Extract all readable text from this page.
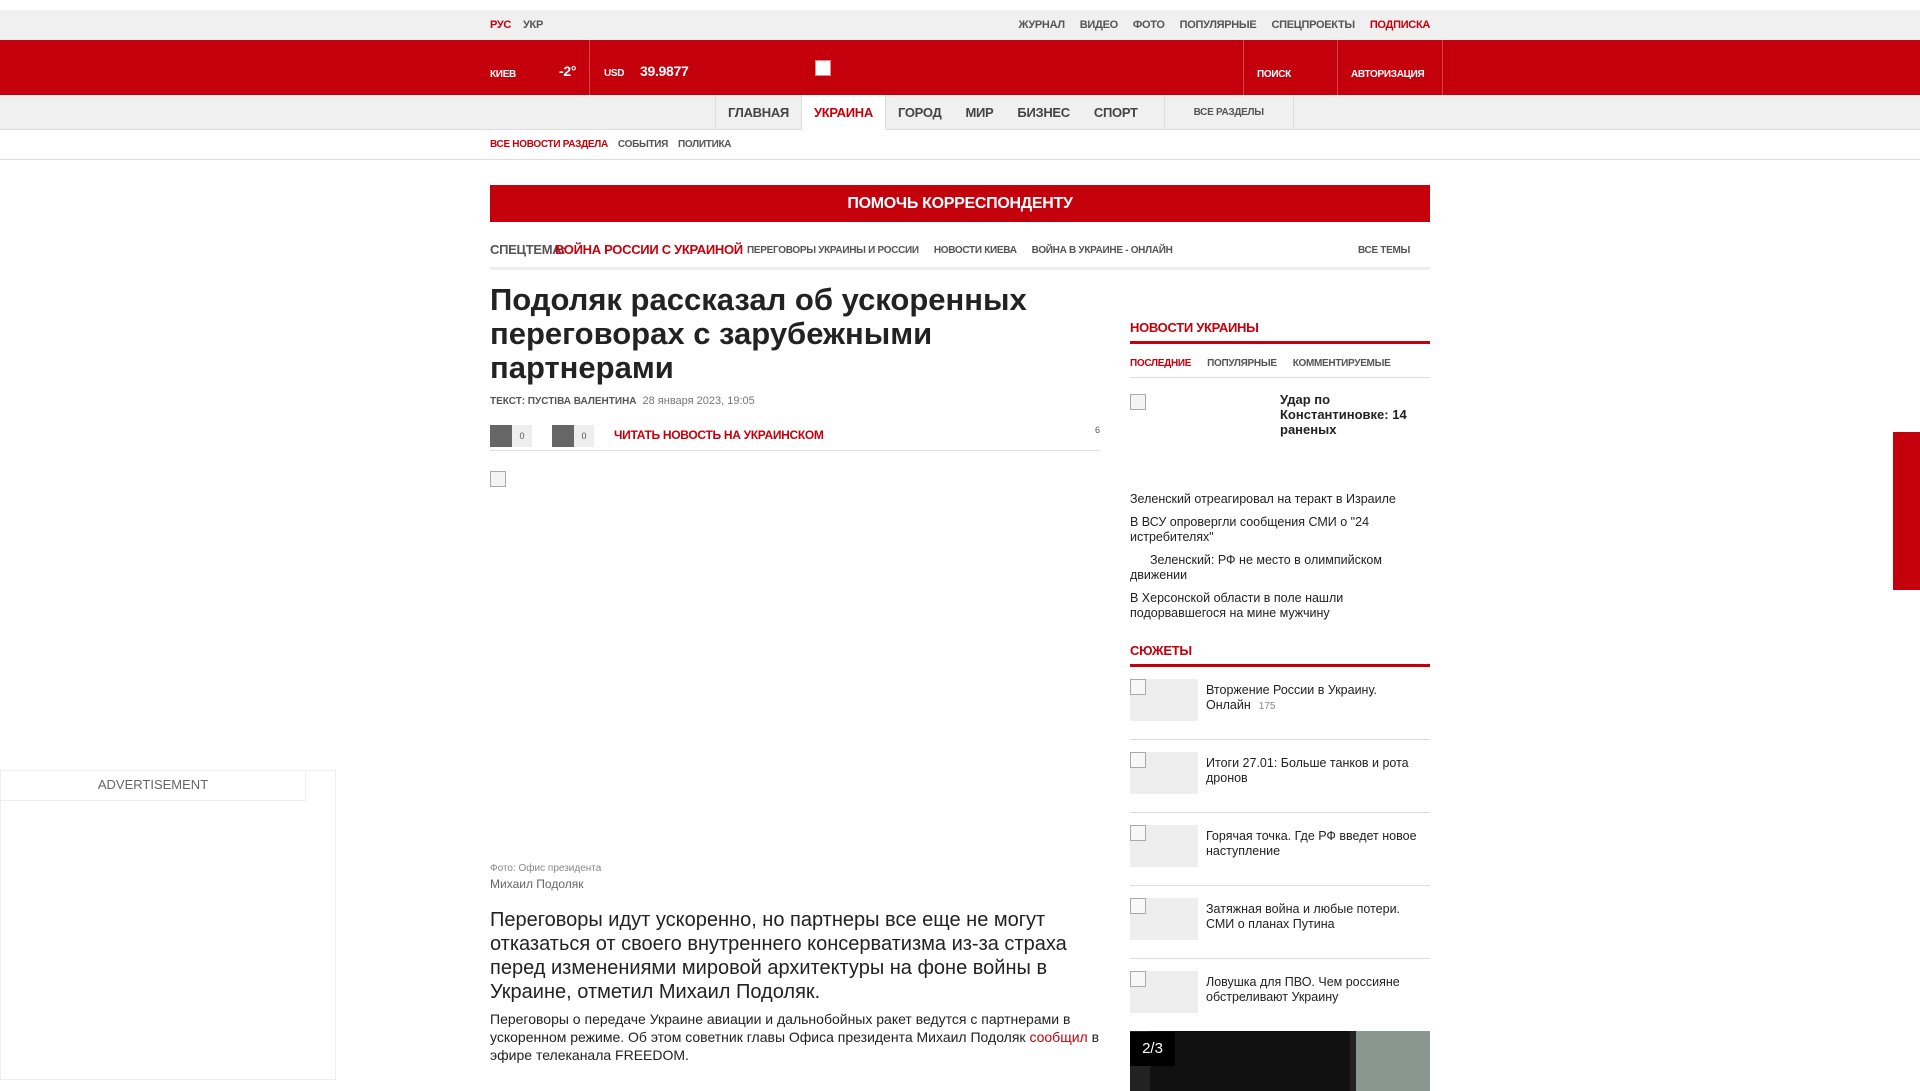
РУС УКР	ЖУРНАЛ ВИДЕО ФОТО ПОПУЛЯРНЫЕ СПЕЦПРОЕКТЫ ПОДПИСКА
КИЕВ	-2°	USD 39.9877	ПОИСК	АВТОРИЗАЦИЯ
ГЛАВНАЯ	УКРАИНА	ГОРОД	МИР	БИЗНЕС	СПОРТ	ВСЕ РАЗДЕЛЫ
ВСЕ НОВОСТИ РАЗДЕЛА СОБЫТИЯ ПОЛИТИКА
ПОМОЧЬ КОРРЕСПОНДЕНТУ
СПЕЦТЕМА:
ВОЙНА РОССИИ С УКРАИНОЙ ПЕРЕГОВОРЫ УКРАИНЫ И РОССИИ НОВОСТИ КИЕВА ВОЙНА В УКРАИНЕ - ОНЛАЙН	ВСЕ ТЕМЫ
Подоляк рассказал об ускоренных переговорах с зарубежными партнерами
ТЕКСТ: ПУСТІВА ВАЛЕНТИНА 28 января 2023, 19:05
0	0	ЧИТАТЬ НОВОСТЬ НА УКРАИНСКОМ	6
Фото: Офис президента
Михаил Подоляк

Переговоры идут ускоренно, но партнеры все еще не могут отказаться от своего внутреннего консерватизма из-за страха перед изменениями мировой архитектуры на фоне войны в Украине, отметил Михаил Подоляк.

Переговоры о передаче Украине авиации и дальнобойных ракет ведутся с партнерами в ускоренном режиме. Об этом советник главы Офиса президента Михаил Подоляк сообщил в эфире телеканала FREEDOM.

НОВОСТИ УКРАИНЫ
ПОСЛЕДНИЕ ПОПУЛЯРНЫЕ КОММЕНТИРУЕМЫЕ
Удар по Константиновке: 14 раненых
Зеленский отреагировал на теракт в Израиле
В ВСУ опровергли сообщения СМИ о "24 истребителях"
Зеленский: РФ не место в олимпийском движении
В Херсонской области в поле нашли подорвавшегося на мине мужчину
СЮЖЕТЫ
Вторжение России в Украину. Онлайн 175
Итоги 27.01: Больше танков и рота дронов
Горячая точка. Где РФ введет новое наступление
Затяжная война и любые потери. СМИ о планах Путина
Ловушка для ПВО. Чем россияне обстреливают Украину
2/3
ADVERTISEMENT
